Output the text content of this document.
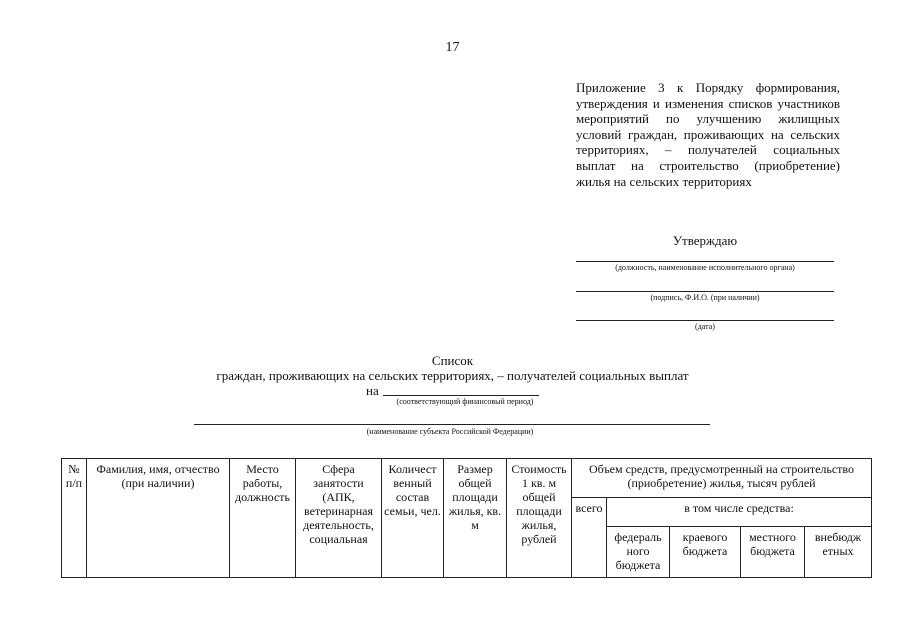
17
Приложение 3 к Порядку формирования, утверждения и изменения списков участников мероприятий по улучшению жилищных условий граждан, проживающих на сельских территориях, – получателей социальных выплат на строительство (приобретение) жилья на сельских территориях
Утверждаю
(должность, наименование исполнительного органа)
(подпись, Ф.И.О. (при наличии)
(дата)
Список
граждан, проживающих на сельских территориях, – получателей социальных выплат
на
(соответствующий финансовый период)
(наименование субъекта Российской Федерации)
№ п/п	Фамилия, имя, отчество (при наличии)	Место работы, должность	Сфера занятости (АПК, ветеринарная деятельность, социальная	Количест венный состав семьи, чел.	Размер общей площади жилья, кв. м	Стоимость 1 кв. м общей площади жилья, рублей	Объем средств, предусмотренный на строительство (приобретение) жилья, тысяч рублей				
							всего	в том числе средства:			
								федераль ного бюджета	краевого бюджета	местного бюджета	внебюдж етных
